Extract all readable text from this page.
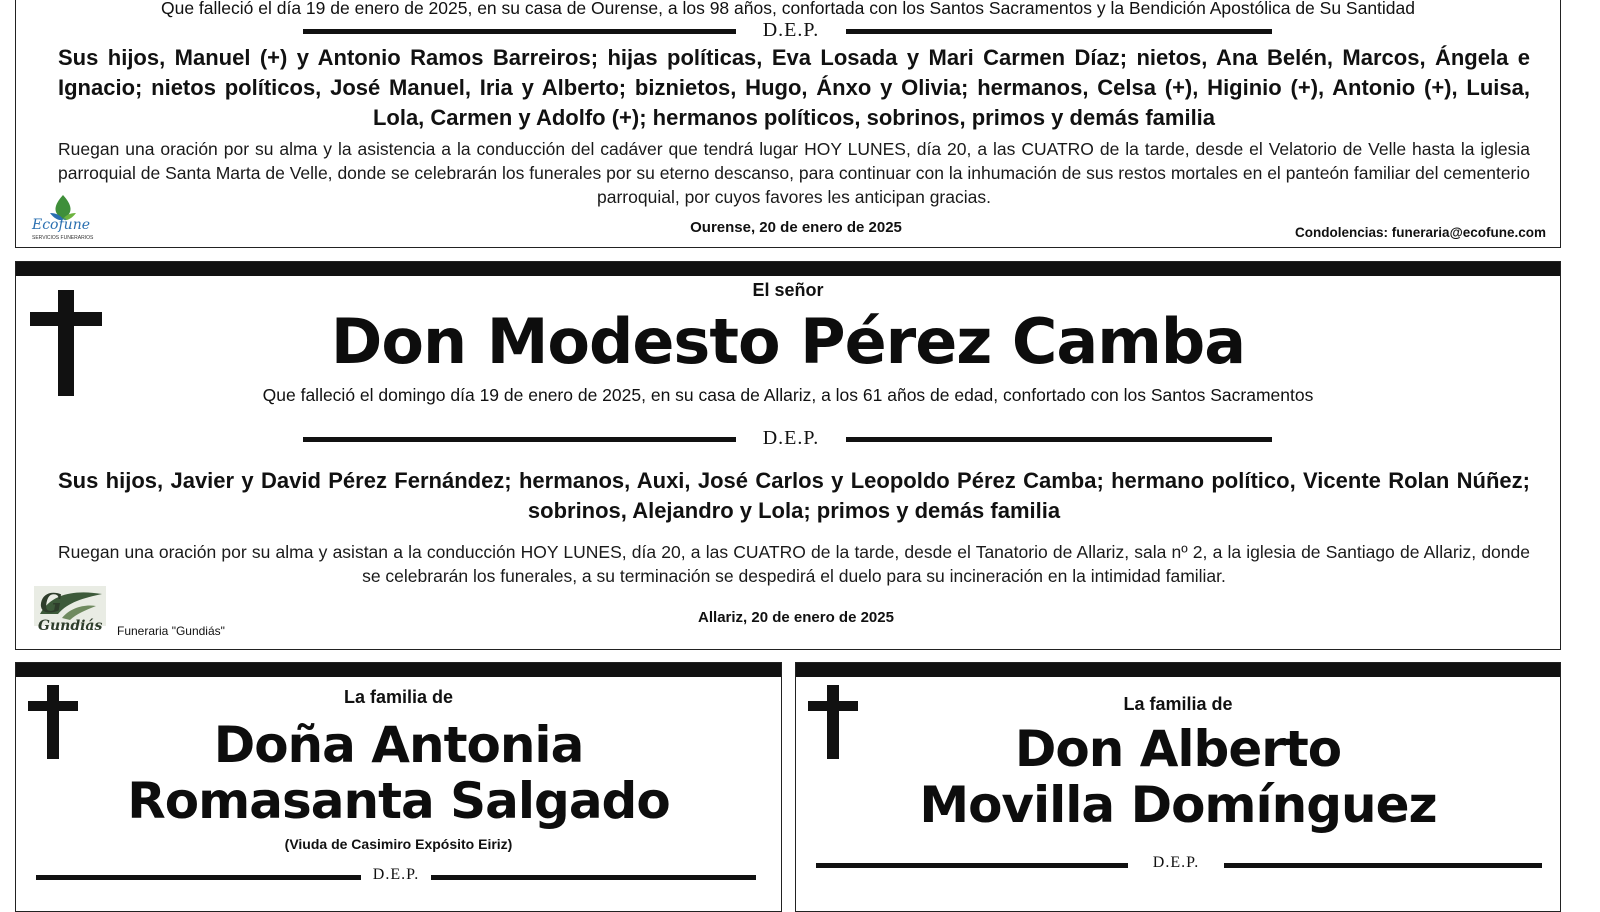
Que falleció el día 19 de enero de 2025, en su casa de Ourense, a los 98 años, confortada con los Santos Sacramentos y la Bendición Apostólica de Su Santidad
D.E.P.
Sus hijos, Manuel (+) y Antonio Ramos Barreiros; hijas políticas, Eva Losada y Mari Carmen Díaz; nietos, Ana Belén, Marcos, Ángela e Ignacio; nietos políticos, José Manuel, Iria y Alberto; biznietos, Hugo, Ánxo y Olivia; hermanos, Celsa (+), Higinio (+), Antonio (+), Luisa, Lola, Carmen y Adolfo (+); hermanos políticos, sobrinos, primos y demás familia
Ruegan una oración por su alma y la asistencia a la conducción del cadáver que tendrá lugar HOY LUNES, día 20, a las CUATRO de la tarde, desde el Velatorio de Velle hasta la iglesia parroquial de Santa Marta de Velle, donde se celebrarán los funerales por su eterno descanso, para continuar con la inhumación de sus restos mortales en el panteón familiar del cementerio parroquial, por cuyos favores les anticipan gracias.
Ecofune
SERVICIOS FUNERARIOS
Ourense, 20 de enero de 2025	Condolencias: funeraria@ecofune.com
El señor
Don Modesto Pérez Camba
Que falleció el domingo día 19 de enero de 2025, en su casa de Allariz, a los 61 años de edad, confortado con los Santos Sacramentos
D.E.P.
Sus hijos, Javier y David Pérez Fernández; hermanos, Auxi, José Carlos y Leopoldo Pérez Camba; hermano político, Vicente Rolan Núñez; sobrinos, Alejandro y Lola; primos y demás familia
Ruegan una oración por su alma y asistan a la conducción HOY LUNES, día 20, a las CUATRO de la tarde, desde el Tanatorio de Allariz, sala nº 2, a la iglesia de Santiago de Allariz, donde se celebrarán los funerales, a su terminación se despedirá el duelo para su incineración en la intimidad familiar.
G
Gundiás Funeraria "Gundiás"
Allariz, 20 de enero de 2025
La familia de
Doña Antonia
Romasanta Salgado
(Viuda de Casimiro Expósito Eiriz)
D.E.P.
La familia de
Don Alberto
Movilla Domínguez
D.E.P.
